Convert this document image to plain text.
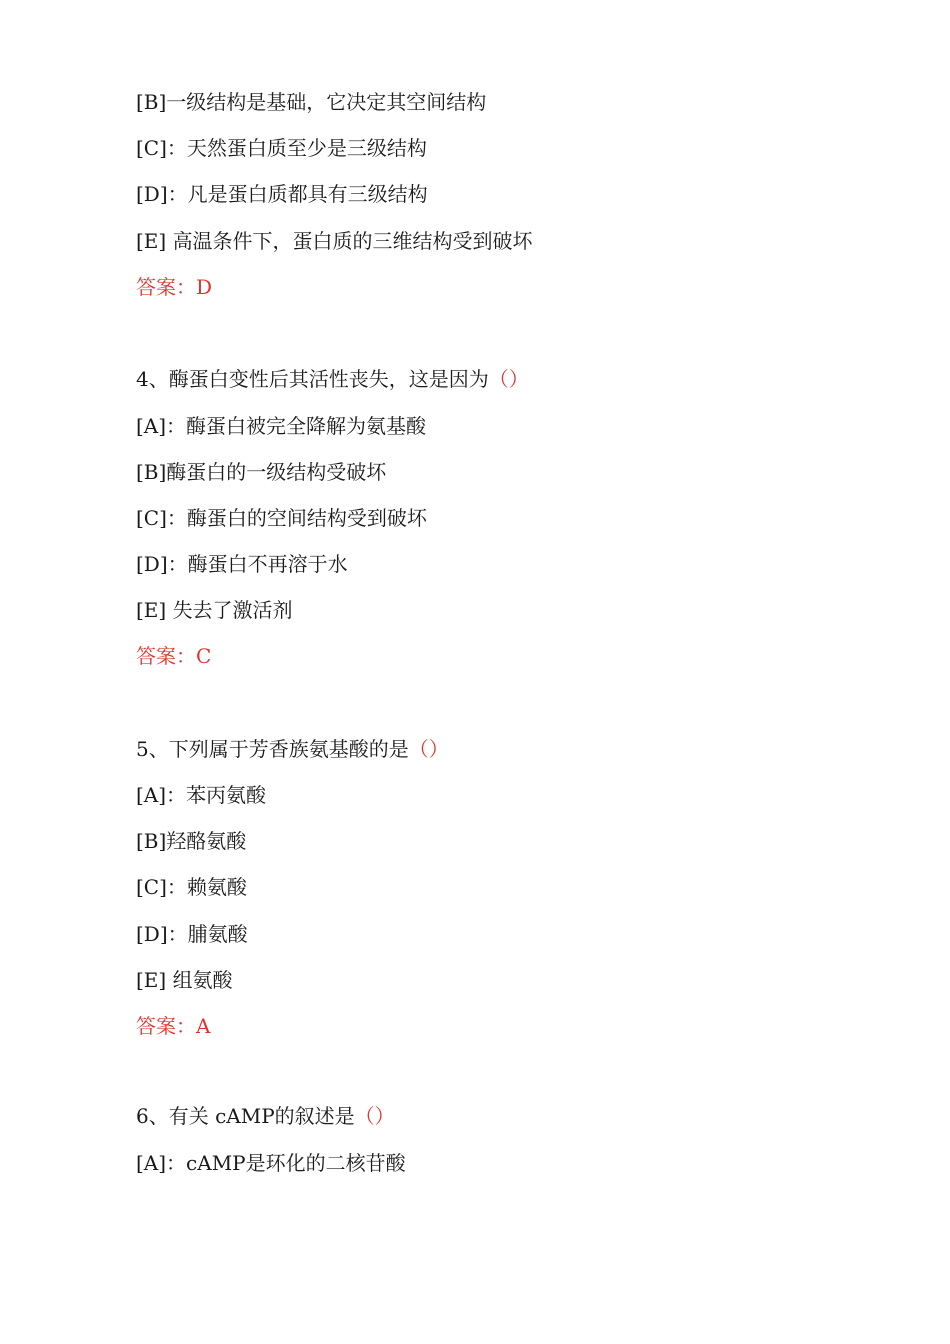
[B]一级结构是基础，它决定其空间结构
[C]：天然蛋白质至少是三级结构
[D]：凡是蛋白质都具有三级结构
[E] 高温条件下，蛋白质的三维结构受到破坏
答案：D
4、酶蛋白变性后其活性丧失，这是因为（）
[A]：酶蛋白被完全降解为氨基酸
[B]酶蛋白的一级结构受破坏
[C]：酶蛋白的空间结构受到破坏
[D]：酶蛋白不再溶于水
[E] 失去了激活剂
答案：C
5、下列属于芳香族氨基酸的是（）
[A]：苯丙氨酸
[B]羟酪氨酸
[C]：赖氨酸
[D]：脯氨酸
[E] 组氨酸
答案：A
6、有关 cAMP的叙述是（）
[A]：cAMP是环化的二核苷酸
